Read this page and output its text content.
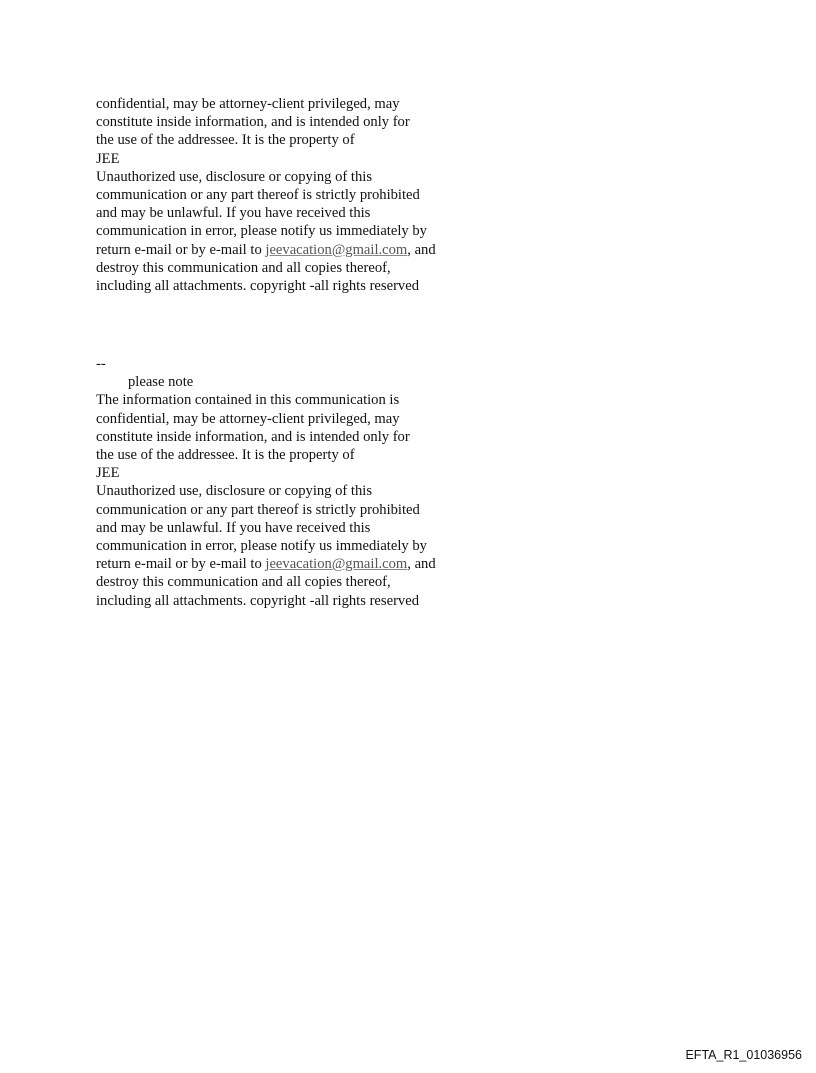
confidential, may be attorney-client privileged, may
constitute inside information, and is intended only for
the use of the addressee. It is the property of
JEE
Unauthorized use, disclosure or copying of this
communication or any part thereof is strictly prohibited
and may be unlawful. If you have received this
communication in error, please notify us immediately by
return e-mail or by e-mail to jeevacation@gmail.com, and
destroy this communication and all copies thereof,
including all attachments. copyright -all rights reserved
--
please note
The information contained in this communication is
confidential, may be attorney-client privileged, may
constitute inside information, and is intended only for
the use of the addressee. It is the property of
JEE
Unauthorized use, disclosure or copying of this
communication or any part thereof is strictly prohibited
and may be unlawful. If you have received this
communication in error, please notify us immediately by
return e-mail or by e-mail to jeevacation@gmail.com, and
destroy this communication and all copies thereof,
including all attachments. copyright -all rights reserved
EFTA_R1_01036956
